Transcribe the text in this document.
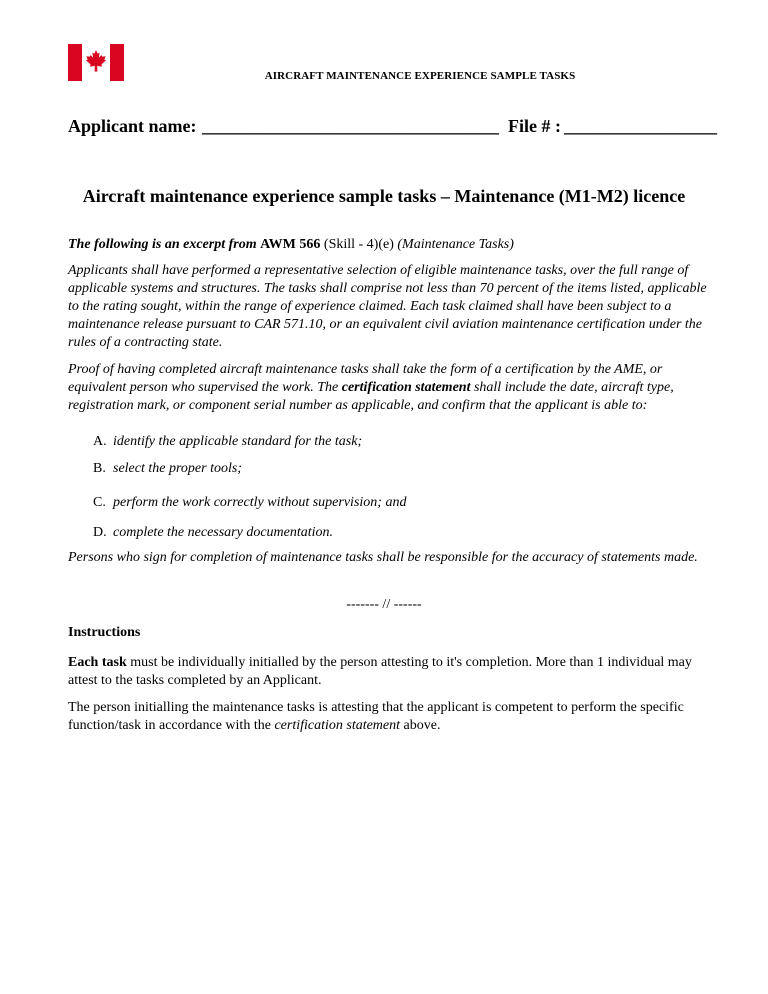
AIRCRAFT MAINTENANCE EXPERIENCE SAMPLE TASKS
Applicant name: _________________________________ File # : _________________
Aircraft maintenance experience sample tasks – Maintenance (M1-M2) licence
The following is an excerpt from AWM 566 (Skill - 4)(e) (Maintenance Tasks)
Applicants shall have performed a representative selection of eligible maintenance tasks, over the full range of applicable systems and structures. The tasks shall comprise not less than 70 percent of the items listed, applicable to the rating sought, within the range of experience claimed. Each task claimed shall have been subject to a maintenance release pursuant to CAR 571.10, or an equivalent civil aviation maintenance certification under the rules of a contracting state.
Proof of having completed aircraft maintenance tasks shall take the form of a certification by the AME, or equivalent person who supervised the work. The certification statement shall include the date, aircraft type, registration mark, or component serial number as applicable, and confirm that the applicant is able to:
A. identify the applicable standard for the task;
B. select the proper tools;
C. perform the work correctly without supervision; and
D. complete the necessary documentation.
Persons who sign for completion of maintenance tasks shall be responsible for the accuracy of statements made.
------- // ------
Instructions
Each task must be individually initialled by the person attesting to it's completion. More than 1 individual may attest to the tasks completed by an Applicant.
The person initialling the maintenance tasks is attesting that the applicant is competent to perform the specific function/task in accordance with the certification statement above.
